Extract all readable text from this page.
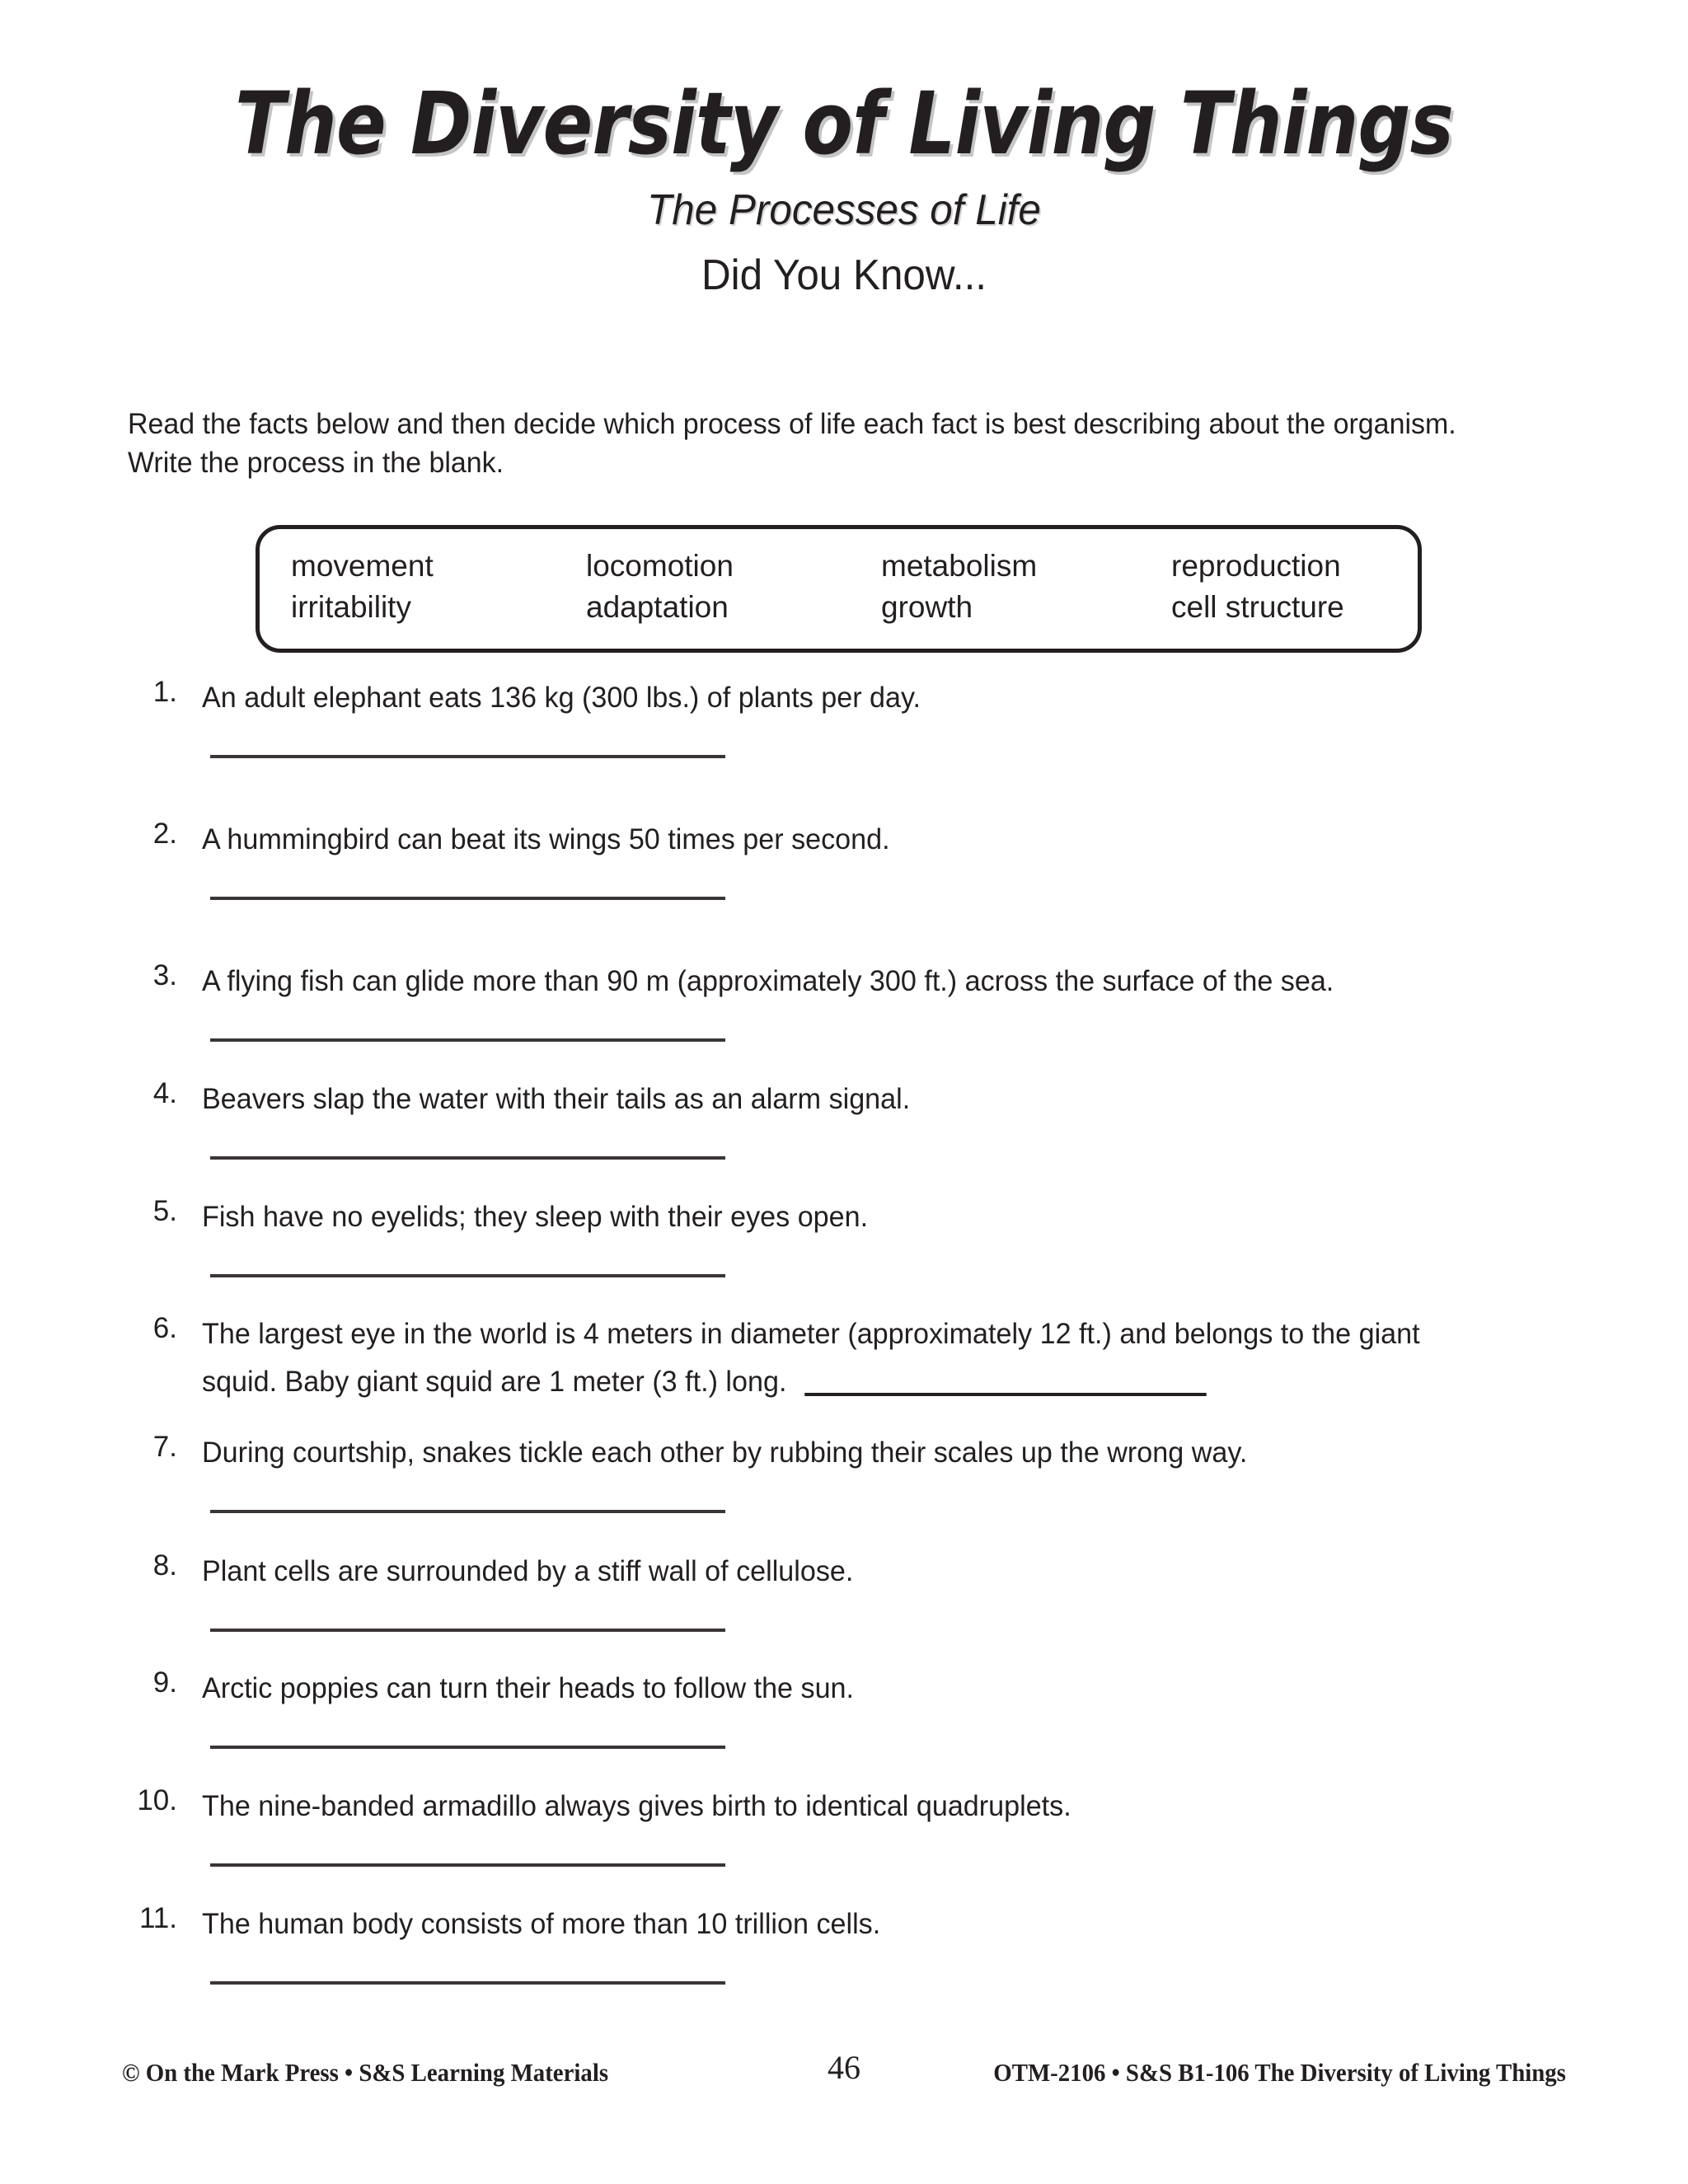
The Diversity of Living Things
The Processes of Life
Did You Know...
Read the facts below and then decide which process of life each fact is best describing about the organism. Write the process in the blank.
movement	locomotion	metabolism	reproduction
irritability	adaptation	growth	cell structure
1. An adult elephant eats 136 kg (300 lbs.) of plants per day.
2. A hummingbird can beat its wings 50 times per second.
3. A flying fish can glide more than 90 m (approximately 300 ft.) across the surface of the sea.
4. Beavers slap the water with their tails as an alarm signal.
5. Fish have no eyelids; they sleep with their eyes open.
6. The largest eye in the world is 4 meters in diameter (approximately 12 ft.) and belongs to the giant squid. Baby giant squid are 1 meter (3 ft.) long.
7. During courtship, snakes tickle each other by rubbing their scales up the wrong way.
8. Plant cells are surrounded by a stiff wall of cellulose.
9. Arctic poppies can turn their heads to follow the sun.
10. The nine-banded armadillo always gives birth to identical quadruplets.
11. The human body consists of more than 10 trillion cells.
© On the Mark Press • S&S Learning Materials	46	OTM-2106 • S&S B1-106 The Diversity of Living Things
